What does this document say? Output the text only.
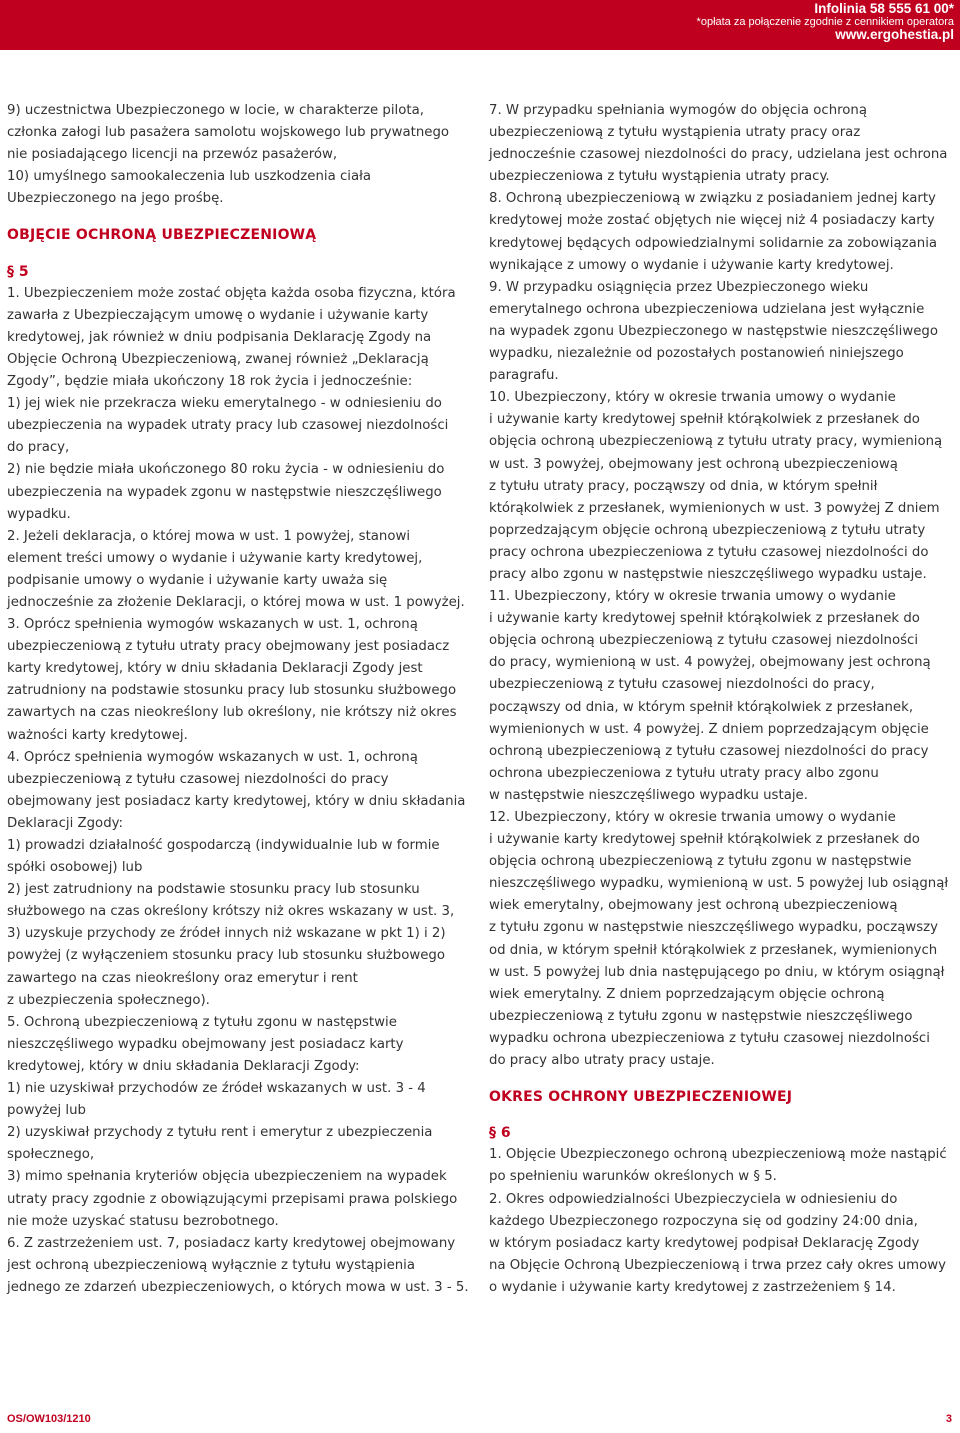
Infolinia 58 555 61 00*
*opłata za połączenie zgodnie z cennikiem operatora
www.ergohestia.pl

9) uczestnictwa Ubezpieczonego w locie, w charakterze pilota,

członka załogi lub pasażera samolotu wojskowego lub prywatnego

nie posiadającego licencji na przewóz pasażerów,

10) umyślnego samookaleczenia lub uszkodzenia ciała

Ubezpieczonego na jego prośbę.

OBJĘCIE OCHRONĄ UBEZPIECZENIOWĄ

§ 5

1. Ubezpieczeniem może zostać objęta każda osoba fizyczna, która

zawarła z Ubezpieczającym umowę o wydanie i używanie karty

kredytowej, jak również w dniu podpisania Deklarację Zgody na

Objęcie Ochroną Ubezpieczeniową, zwanej również „Deklaracją

Zgody”, będzie miała ukończony 18 rok życia i jednocześnie:

1) jej wiek nie przekracza wieku emerytalnego - w odniesieniu do

ubezpieczenia na wypadek utraty pracy lub czasowej niezdolności

do pracy,

2) nie będzie miała ukończonego 80 roku życia - w odniesieniu do

ubezpieczenia na wypadek zgonu w następstwie nieszczęśliwego

wypadku.

2. Jeżeli deklaracja, o której mowa w ust. 1 powyżej, stanowi

element treści umowy o wydanie i używanie karty kredytowej,

podpisanie umowy o wydanie i używanie karty uważa się

jednocześnie za złożenie Deklaracji, o której mowa w ust. 1 powyżej.

3. Oprócz spełnienia wymogów wskazanych w ust. 1, ochroną

ubezpieczeniową z tytułu utraty pracy obejmowany jest posiadacz

karty kredytowej, który w dniu składania Deklaracji Zgody jest

zatrudniony na podstawie stosunku pracy lub stosunku służbowego

zawartych na czas nieokreślony lub określony, nie krótszy niż okres

ważności karty kredytowej.

4. Oprócz spełnienia wymogów wskazanych w ust. 1, ochroną

ubezpieczeniową z tytułu czasowej niezdolności do pracy

obejmowany jest posiadacz karty kredytowej, który w dniu składania

Deklaracji Zgody:

1) prowadzi działalność gospodarczą (indywidualnie lub w formie

spółki osobowej) lub

2) jest zatrudniony na podstawie stosunku pracy lub stosunku

służbowego na czas określony krótszy niż okres wskazany w ust. 3,

3) uzyskuje przychody ze źródeł innych niż wskazane w pkt 1) i 2)

powyżej (z wyłączeniem stosunku pracy lub stosunku służbowego

zawartego na czas nieokreślony oraz emerytur i rent

z ubezpieczenia społecznego).

5. Ochroną ubezpieczeniową z tytułu zgonu w następstwie

nieszczęśliwego wypadku obejmowany jest posiadacz karty

kredytowej, który w dniu składania Deklaracji Zgody:

1) nie uzyskiwał przychodów ze źródeł wskazanych w ust. 3 - 4

powyżej lub

2) uzyskiwał przychody z tytułu rent i emerytur z ubezpieczenia

społecznego,

3) mimo spełnania kryteriów objęcia ubezpieczeniem na wypadek

utraty pracy zgodnie z obowiązującymi przepisami prawa polskiego

nie może uzyskać statusu bezrobotnego.

6. Z zastrzeżeniem ust. 7, posiadacz karty kredytowej obejmowany

jest ochroną ubezpieczeniową wyłącznie z tytułu wystąpienia

jednego ze zdarzeń ubezpieczeniowych, o których mowa w ust. 3 - 5.

7. W przypadku spełniania wymogów do objęcia ochroną

ubezpieczeniową z tytułu wystąpienia utraty pracy oraz

jednocześnie czasowej niezdolności do pracy, udzielana jest ochrona

ubezpieczeniowa z tytułu wystąpienia utraty pracy.

8. Ochroną ubezpieczeniową w związku z posiadaniem jednej karty

kredytowej może zostać objętych nie więcej niż 4 posiadaczy karty

kredytowej będących odpowiedzialnymi solidarnie za zobowiązania

wynikające z umowy o wydanie i używanie karty kredytowej.

9. W przypadku osiągnięcia przez Ubezpieczonego wieku

emerytalnego ochrona ubezpieczeniowa udzielana jest wyłącznie

na wypadek zgonu Ubezpieczonego w następstwie nieszczęśliwego

wypadku, niezależnie od pozostałych postanowień niniejszego

paragrafu.

10. Ubezpieczony, który w okresie trwania umowy o wydanie

i używanie karty kredytowej spełnił którąkolwiek z przesłanek do

objęcia ochroną ubezpieczeniową z tytułu utraty pracy, wymienioną

w ust. 3 powyżej, obejmowany jest ochroną ubezpieczeniową

z tytułu utraty pracy, począwszy od dnia, w którym spełnił

którąkolwiek z przesłanek, wymienionych w ust. 3 powyżej Z dniem

poprzedzającym objęcie ochroną ubezpieczeniową z tytułu utraty

pracy ochrona ubezpieczeniowa z tytułu czasowej niezdolności do

pracy albo zgonu w następstwie nieszczęśliwego wypadku ustaje.

11. Ubezpieczony, który w okresie trwania umowy o wydanie

i używanie karty kredytowej spełnił którąkolwiek z przesłanek do

objęcia ochroną ubezpieczeniową z tytułu czasowej niezdolności

do pracy, wymienioną w ust. 4 powyżej, obejmowany jest ochroną

ubezpieczeniową z tytułu czasowej niezdolności do pracy,

począwszy od dnia, w którym spełnił którąkolwiek z przesłanek,

wymienionych w ust. 4 powyżej. Z dniem poprzedzającym objęcie

ochroną ubezpieczeniową z tytułu czasowej niezdolności do pracy

ochrona ubezpieczeniowa z tytułu utraty pracy albo zgonu

w następstwie nieszczęśliwego wypadku ustaje.

12. Ubezpieczony, który w okresie trwania umowy o wydanie

i używanie karty kredytowej spełnił którąkolwiek z przesłanek do

objęcia ochroną ubezpieczeniową z tytułu zgonu w następstwie

nieszczęśliwego wypadku, wymienioną w ust. 5 powyżej lub osiągnął

wiek emerytalny, obejmowany jest ochroną ubezpieczeniową

z tytułu zgonu w następstwie nieszczęśliwego wypadku, począwszy

od dnia, w którym spełnił którąkolwiek z przesłanek, wymienionych

w ust. 5 powyżej lub dnia następującego po dniu, w którym osiągnął

wiek emerytalny. Z dniem poprzedzającym objęcie ochroną

ubezpieczeniową z tytułu zgonu w następstwie nieszczęśliwego

wypadku ochrona ubezpieczeniowa z tytułu czasowej niezdolności

do pracy albo utraty pracy ustaje.

OKRES OCHRONY UBEZPIECZENIOWEJ

§ 6

1. Objęcie Ubezpieczonego ochroną ubezpieczeniową może nastąpić

po spełnieniu warunków określonych w § 5.

2. Okres odpowiedzialności Ubezpieczyciela w odniesieniu do

każdego Ubezpieczonego rozpoczyna się od godziny 24:00 dnia,

w którym posiadacz karty kredytowej podpisał Deklarację Zgody

na Objęcie Ochroną Ubezpieczeniową i trwa przez cały okres umowy

o wydanie i używanie karty kredytowej z zastrzeżeniem § 14.

OS/OW103/1210	3
